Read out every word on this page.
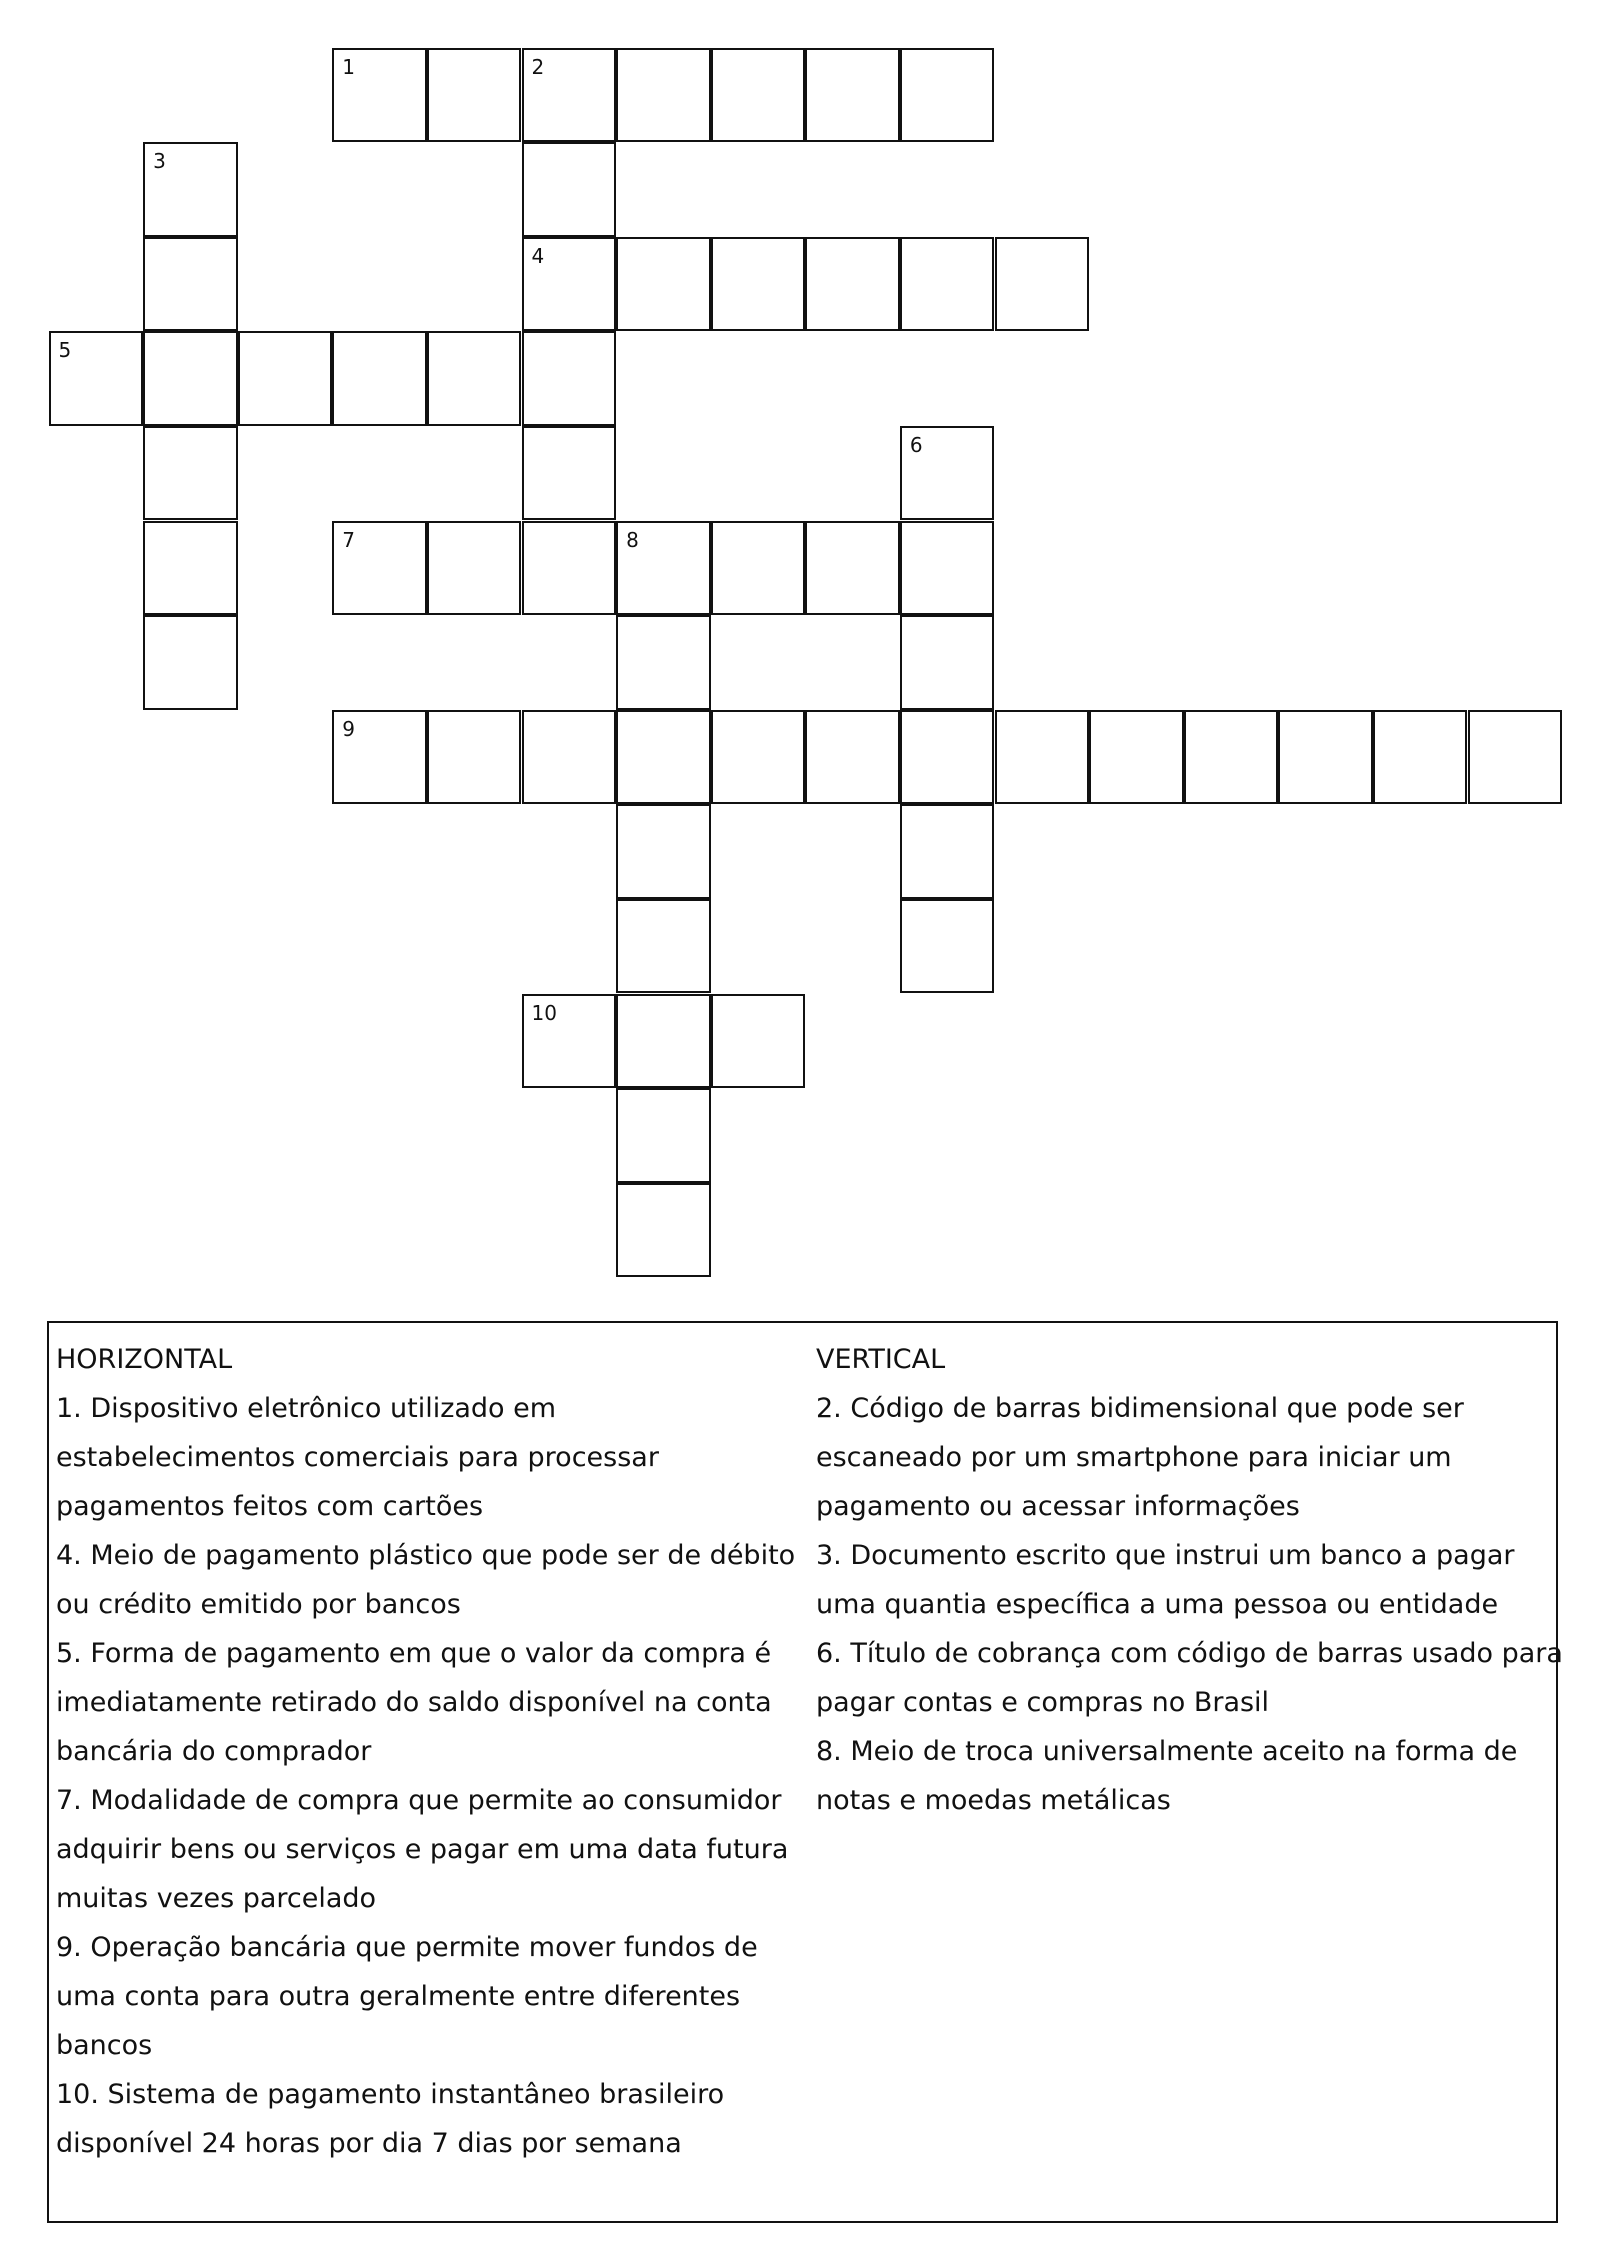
1	2
3
4
5
6
7	8
9
10
HORIZONTAL
1. Dispositivo eletrônico utilizado em
estabelecimentos comerciais para processar
pagamentos feitos com cartões
4. Meio de pagamento plástico que pode ser de débito
ou crédito emitido por bancos
5. Forma de pagamento em que o valor da compra é
imediatamente retirado do saldo disponível na conta
bancária do comprador
7. Modalidade de compra que permite ao consumidor
adquirir bens ou serviços e pagar em uma data futura
muitas vezes parcelado
9. Operação bancária que permite mover fundos de
uma conta para outra geralmente entre diferentes
bancos
10. Sistema de pagamento instantâneo brasileiro
disponível 24 horas por dia 7 dias por semana
VERTICAL
2. Código de barras bidimensional que pode ser
escaneado por um smartphone para iniciar um
pagamento ou acessar informações
3. Documento escrito que instrui um banco a pagar
uma quantia específica a uma pessoa ou entidade
6. Título de cobrança com código de barras usado para
pagar contas e compras no Brasil
8. Meio de troca universalmente aceito na forma de
notas e moedas metálicas
